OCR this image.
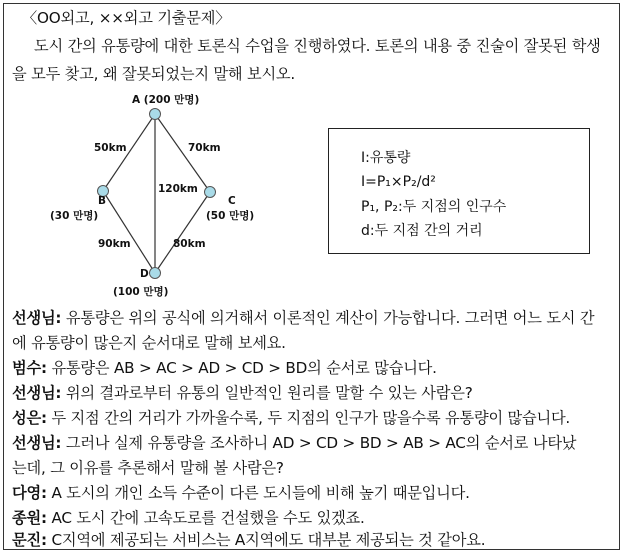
〈OO외고, ××외고 기출문제〉
도시 간의 유통량에 대한 토론식 수업을 진행하였다. 토론의 내용 중 진술이 잘못된 학생
을 모두 찾고, 왜 잘못되었는지 말해 보시오.
A (200 만명)
B
(30 만명)
C
(50 만명)
D
(100 만명)
50km	70km
120km
90km	80km
I:유통량
I=P₁×P₂/d²
P₁, P₂:두 지점의 인구수
d:두 지점 간의 거리
선생님: 유통량은 위의 공식에 의거해서 이론적인 계산이 가능합니다. 그러면 어느 도시 간
에 유통량이 많은지 순서대로 말해 보세요.
범수: 유통량은 AB > AC > AD > CD > BD의 순서로 많습니다.
선생님: 위의 결과로부터 유통의 일반적인 원리를 말할 수 있는 사람은?
성은: 두 지점 간의 거리가 가까울수록, 두 지점의 인구가 많을수록 유통량이 많습니다.
선생님: 그러나 실제 유통량을 조사하니 AD > CD > BD > AB > AC의 순서로 나타났
는데, 그 이유를 추론해서 말해 볼 사람은?
다영: A 도시의 개인 소득 수준이 다른 도시들에 비해 높기 때문입니다.
종원: AC 도시 간에 고속도로를 건설했을 수도 있겠죠.
문진: C지역에 제공되는 서비스는 A지역에도 대부분 제공되는 것 같아요.
